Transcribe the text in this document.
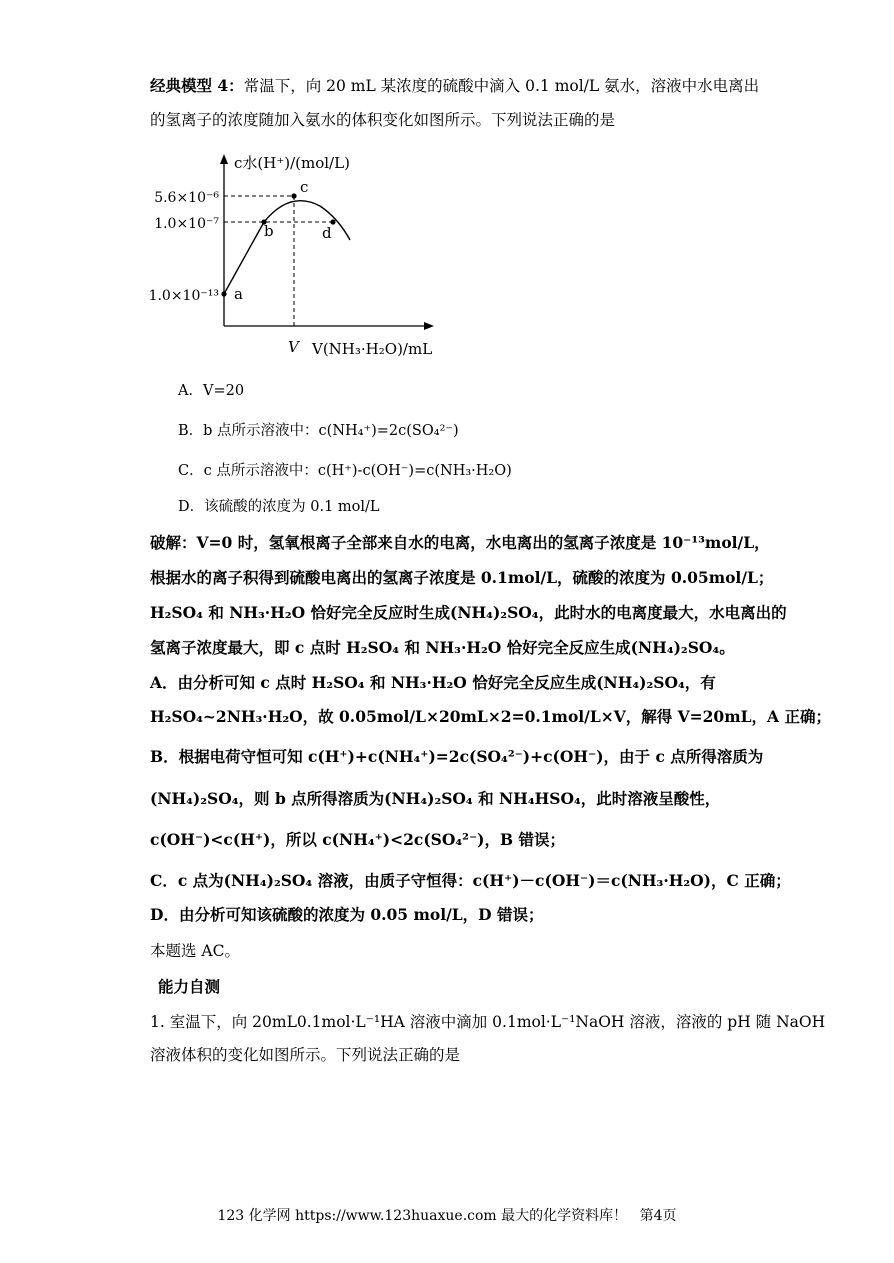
经典模型 4：常温下，向 20 mL 某浓度的硫酸中滴入 0.1 mol/L 氨水，溶液中水电离出
的氢离子的浓度随加入氨水的体积变化如图所示。下列说法正确的是
a
b
c
d
5.6×10⁻⁶
1.0×10⁻⁷
1.0×10⁻¹³
c水(H⁺)/(mol/L)
V V(NH₃·H₂O)/mL
A．V=20
B．b 点所示溶液中：c(NH₄⁺)=2c(SO₄²⁻)
C．c 点所示溶液中：c(H⁺)-c(OH⁻)=c(NH₃·H₂O)
D．该硫酸的浓度为 0.1 mol/L
破解：V=0 时，氢氧根离子全部来自水的电离，水电离出的氢离子浓度是 10⁻¹³mol/L，
根据水的离子积得到硫酸电离出的氢离子浓度是 0.1mol/L，硫酸的浓度为 0.05mol/L；
H₂SO₄ 和 NH₃·H₂O 恰好完全反应时生成(NH₄)₂SO₄，此时水的电离度最大，水电离出的
氢离子浓度最大，即 c 点时 H₂SO₄ 和 NH₃·H₂O 恰好完全反应生成(NH₄)₂SO₄。
A．由分析可知 c 点时 H₂SO₄ 和 NH₃·H₂O 恰好完全反应生成(NH₄)₂SO₄，有
H₂SO₄~2NH₃·H₂O，故 0.05mol/L×20mL×2=0.1mol/L×V，解得 V=20mL，A 正确；
B．根据电荷守恒可知 c(H⁺)+c(NH₄⁺)=2c(SO₄²⁻)+c(OH⁻)，由于 c 点所得溶质为
(NH₄)₂SO₄，则 b 点所得溶质为(NH₄)₂SO₄ 和 NH₄HSO₄，此时溶液呈酸性，
c(OH⁻)<c(H⁺)，所以 c(NH₄⁺)<2c(SO₄²⁻)，B 错误；
C．c 点为(NH₄)₂SO₄ 溶液，由质子守恒得：c(H⁺)－c(OH⁻)＝c(NH₃·H₂O)，C 正确；
D．由分析可知该硫酸的浓度为 0.05 mol/L，D 错误；
本题选 AC。
能力自测
1. 室温下，向 20mL0.1mol·L⁻¹HA 溶液中滴加 0.1mol·L⁻¹NaOH 溶液，溶液的 pH 随 NaOH
溶液体积的变化如图所示。下列说法正确的是
123 化学网 https://www.123huaxue.com 最大的化学资料库！ 第4页
